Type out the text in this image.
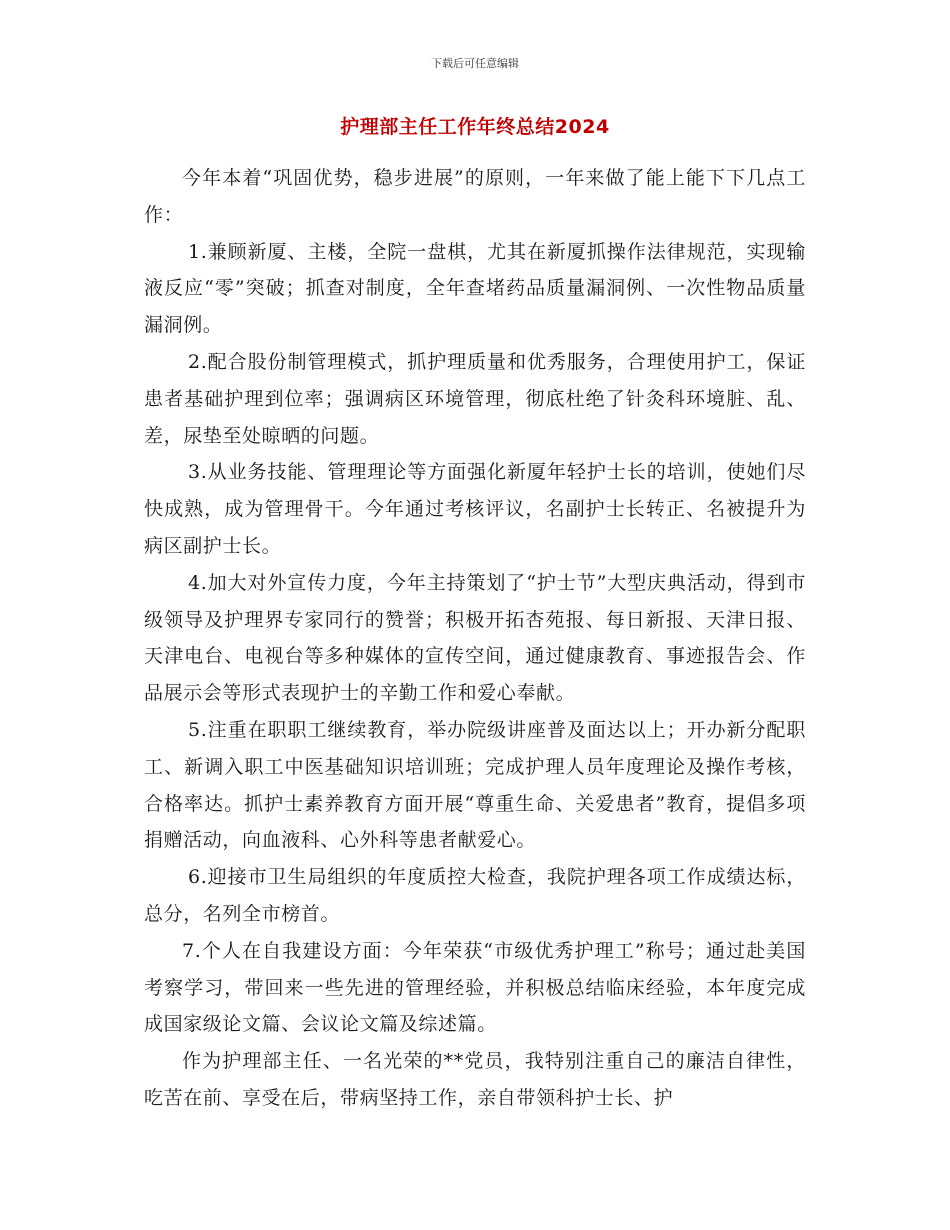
下载后可任意编辑
护理部主任工作年终总结2024

今年本着“巩固优势，稳步进展”的原则，一年来做了能上能下下几点工作：

1.兼顾新厦、主楼，全院一盘棋，尤其在新厦抓操作法律规范，实现输液反应“零”突破；抓查对制度，全年查堵药品质量漏洞例、一次性物品质量漏洞例。

2.配合股份制管理模式，抓护理质量和优秀服务，合理使用护工，保证患者基础护理到位率；强调病区环境管理，彻底杜绝了针灸科环境脏、乱、差，尿垫至处晾晒的问题。

3.从业务技能、管理理论等方面强化新厦年轻护士长的培训，使她们尽快成熟，成为管理骨干。今年通过考核评议，名副护士长转正、名被提升为病区副护士长。

4.加大对外宣传力度，今年主持策划了“护士节”大型庆典活动，得到市级领导及护理界专家同行的赞誉；积极开拓杏苑报、每日新报、天津日报、天津电台、电视台等多种媒体的宣传空间，通过健康教育、事迹报告会、作品展示会等形式表现护士的辛勤工作和爱心奉献。

5.注重在职职工继续教育，举办院级讲座普及面达以上；开办新分配职工、新调入职工中医基础知识培训班；完成护理人员年度理论及操作考核，合格率达。抓护士素养教育方面开展“尊重生命、关爱患者”教育，提倡多项捐赠活动，向血液科、心外科等患者献爱心。

6.迎接市卫生局组织的年度质控大检查，我院护理各项工作成绩达标，总分，名列全市榜首。

7.个人在自我建设方面：今年荣获“市级优秀护理工”称号；通过赴美国考察学习，带回来一些先进的管理经验，并积极总结临床经验，本年度完成成国家级论文篇、会议论文篇及综述篇。

作为护理部主任、一名光荣的**党员，我特别注重自己的廉洁自律性，吃苦在前、享受在后，带病坚持工作，亲自带领科护士长、护
